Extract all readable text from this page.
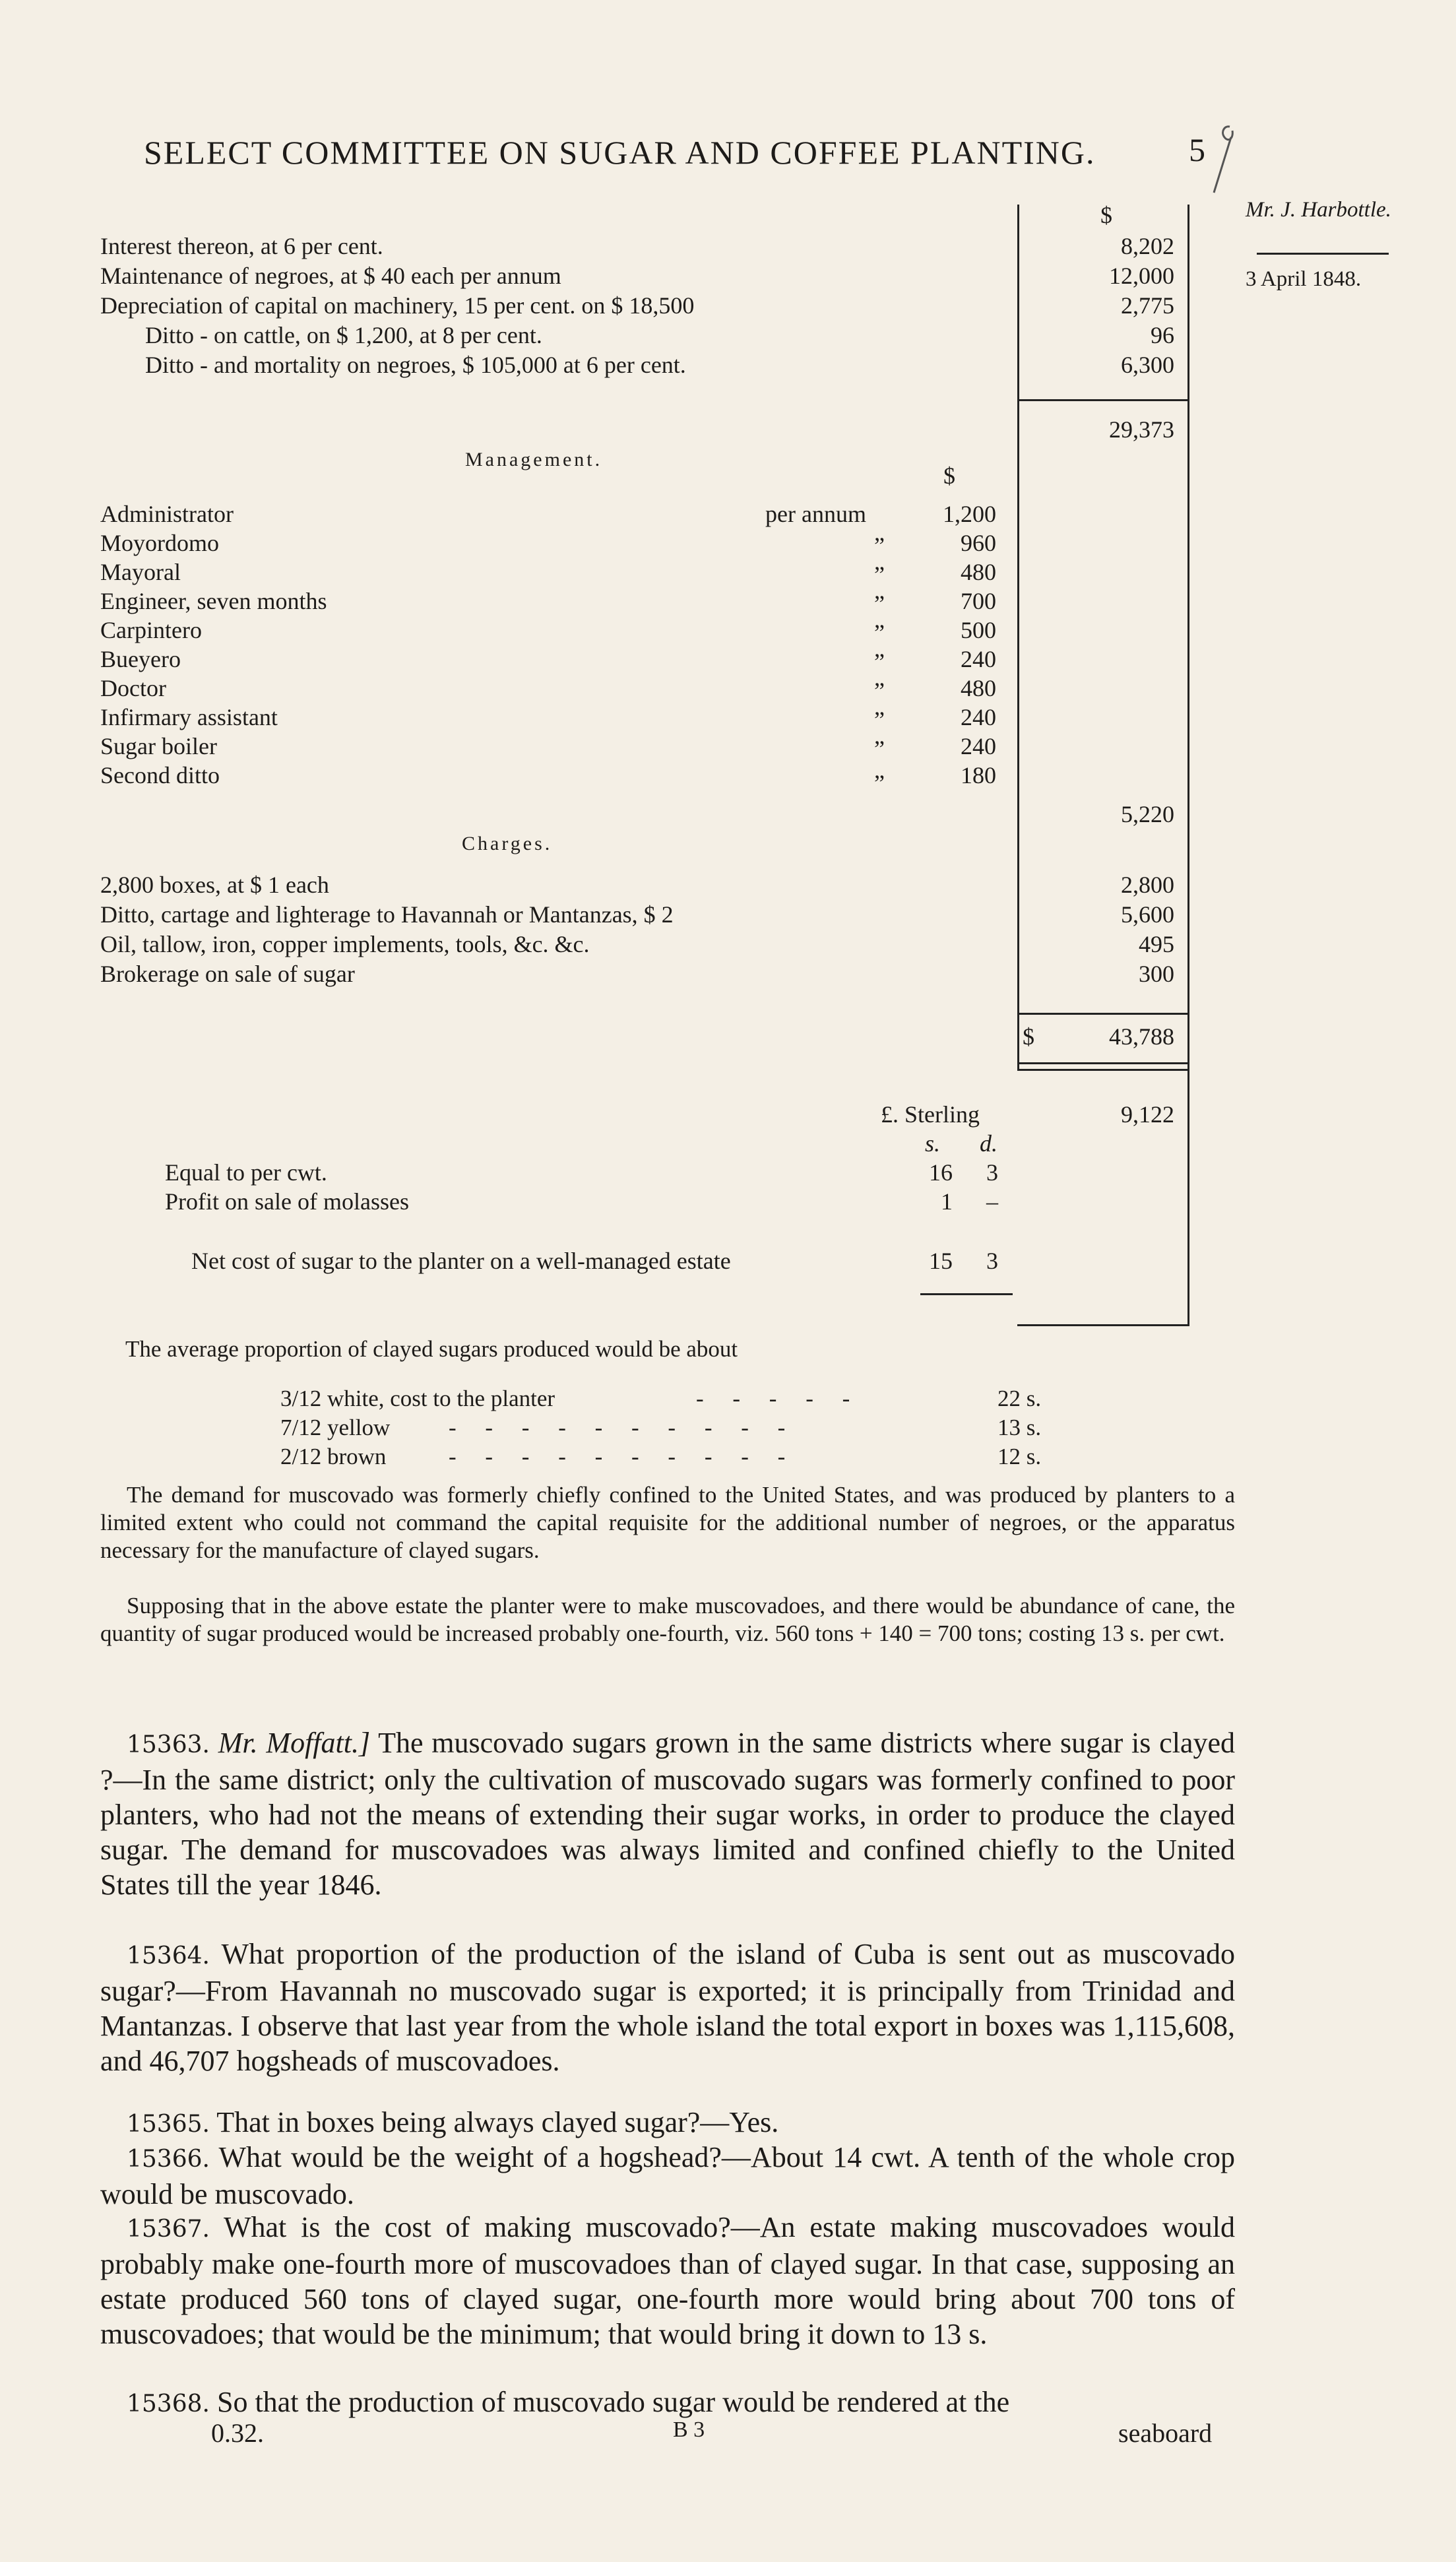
SELECT COMMITTEE ON SUGAR AND COFFEE PLANTING.	5
Mr. J. Harbottle.
3 April 1848.
$
Interest thereon, at 6 per cent.	8,202
Maintenance of negroes, at $ 40 each per annum	12,000
Depreciation of capital on machinery, 15 per cent. on $ 18,500	2,775
Ditto - on cattle, on $ 1,200, at 8 per cent.	96
Ditto - and mortality on negroes, $ 105,000 at 6 per cent.	6,300
29,373
Management.
$
Administrator	per annum	1,200
Moyordomo	”	960
Mayoral	”	480
Engineer, seven months	”	700
Carpintero	”	500
Bueyero	”	240
Doctor	”	480
Infirmary assistant	”	240
Sugar boiler	”	240
Second ditto	”	180
5,220
Charges.
2,800 boxes, at $ 1 each	2,800
Ditto, cartage and lighterage to Havannah or Mantanzas, $ 2	5,600
Oil, tallow, iron, copper implements, tools, &c. &c.	495
Brokerage on sale of sugar	300
$	43,788
£. Sterling	9,122
s. d.
Equal to per cwt.	16 3
Profit on sale of molasses	1 –
Net cost of sugar to the planter on a well-managed estate	15 3
The average proportion of clayed sugars produced would be about
3/12 white, cost to the planter	-     -     -     -     -	22 s.
7/12 yellow	-     -     -     -     -     -     -     -     -     -	13 s.
2/12 brown	-     -     -     -     -     -     -     -     -     -	12 s.
The demand for muscovado was formerly chiefly confined to the United States, and was produced by planters to a limited extent who could not command the capital requisite for the additional number of negroes, or the apparatus necessary for the manufacture of clayed sugars.
Supposing that in the above estate the planter were to make muscovadoes, and there would be abundance of cane, the quantity of sugar produced would be increased probably one-fourth, viz. 560 tons + 140 = 700 tons; costing 13 s. per cwt.
15363. Mr. Moffatt.] The muscovado sugars grown in the same districts where sugar is clayed ?—In the same district; only the cultivation of muscovado sugars was formerly confined to poor planters, who had not the means of extending their sugar works, in order to produce the clayed sugar. The demand for muscovadoes was always limited and confined chiefly to the United States till the year 1846.
15364. What proportion of the production of the island of Cuba is sent out as muscovado sugar?—From Havannah no muscovado sugar is exported; it is principally from Trinidad and Mantanzas. I observe that last year from the whole island the total export in boxes was 1,115,608, and 46,707 hogsheads of muscovadoes.
15365. That in boxes being always clayed sugar?—Yes.
15366. What would be the weight of a hogshead?—About 14 cwt. A tenth of the whole crop would be muscovado.
15367. What is the cost of making muscovado?—An estate making muscovadoes would probably make one-fourth more of muscovadoes than of clayed sugar. In that case, supposing an estate produced 560 tons of clayed sugar, one-fourth more would bring about 700 tons of muscovadoes; that would be the minimum; that would bring it down to 13 s.
15368. So that the production of muscovado sugar would be rendered at the
0.32.	B 3	seaboard
